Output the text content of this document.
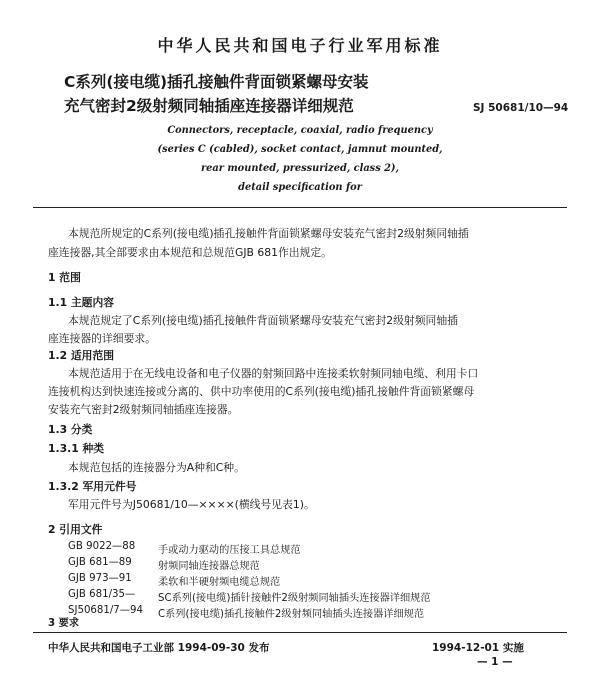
中华人民共和国电子行业军用标准
C系列(接电缆)插孔接触件背面锁紧螺母安装
充气密封2级射频同轴插座连接器详细规范	SJ 50681/10—94
Connectors, receptacle, coaxial, radio frequency
(series C (cabled), socket contact, jamnut mounted,
rear mounted, pressurized, class 2),
detail specification for
本规范所规定的C系列(接电缆)插孔接触件背面锁紧螺母安装充气密封2级射频同轴插
座连接器,其全部要求由本规范和总规范GJB 681作出规定。
1 范围
1.1 主题内容
本规范规定了C系列(接电缆)插孔接触件背面锁紧螺母安装充气密封2级射频同轴插
座连接器的详细要求。
1.2 适用范围
本规范适用于在无线电设备和电子仪器的射频回路中连接柔软射频同轴电缆、利用卡口
连接机构达到快速连接或分离的、供中功率使用的C系列(接电缆)插孔接触件背面锁紧螺母
安装充气密封2级射频同轴插座连接器。
1.3 分类
1.3.1 种类
本规范包括的连接器分为A种和C种。
1.3.2 军用元件号
军用元件号为J50681/10—××××(横线号见表1)。
2 引用文件
GB 9022—88 手或动力驱动的压接工具总规范
GJB 681—89	射频同轴连接器总规范
GJB 973—91	柔软和半硬射频电缆总规范
GJB 681/35— SC系列(接电缆)插针接触件2级射频同轴插头连接器详细规范
SJ50681/7—94 C系列(接电缆)插孔接触件2级射频同轴插头连接器详细规范
3 要求
中华人民共和国电子工业部 1994-09-30 发布	1994-12-01 实施
— 1 —
